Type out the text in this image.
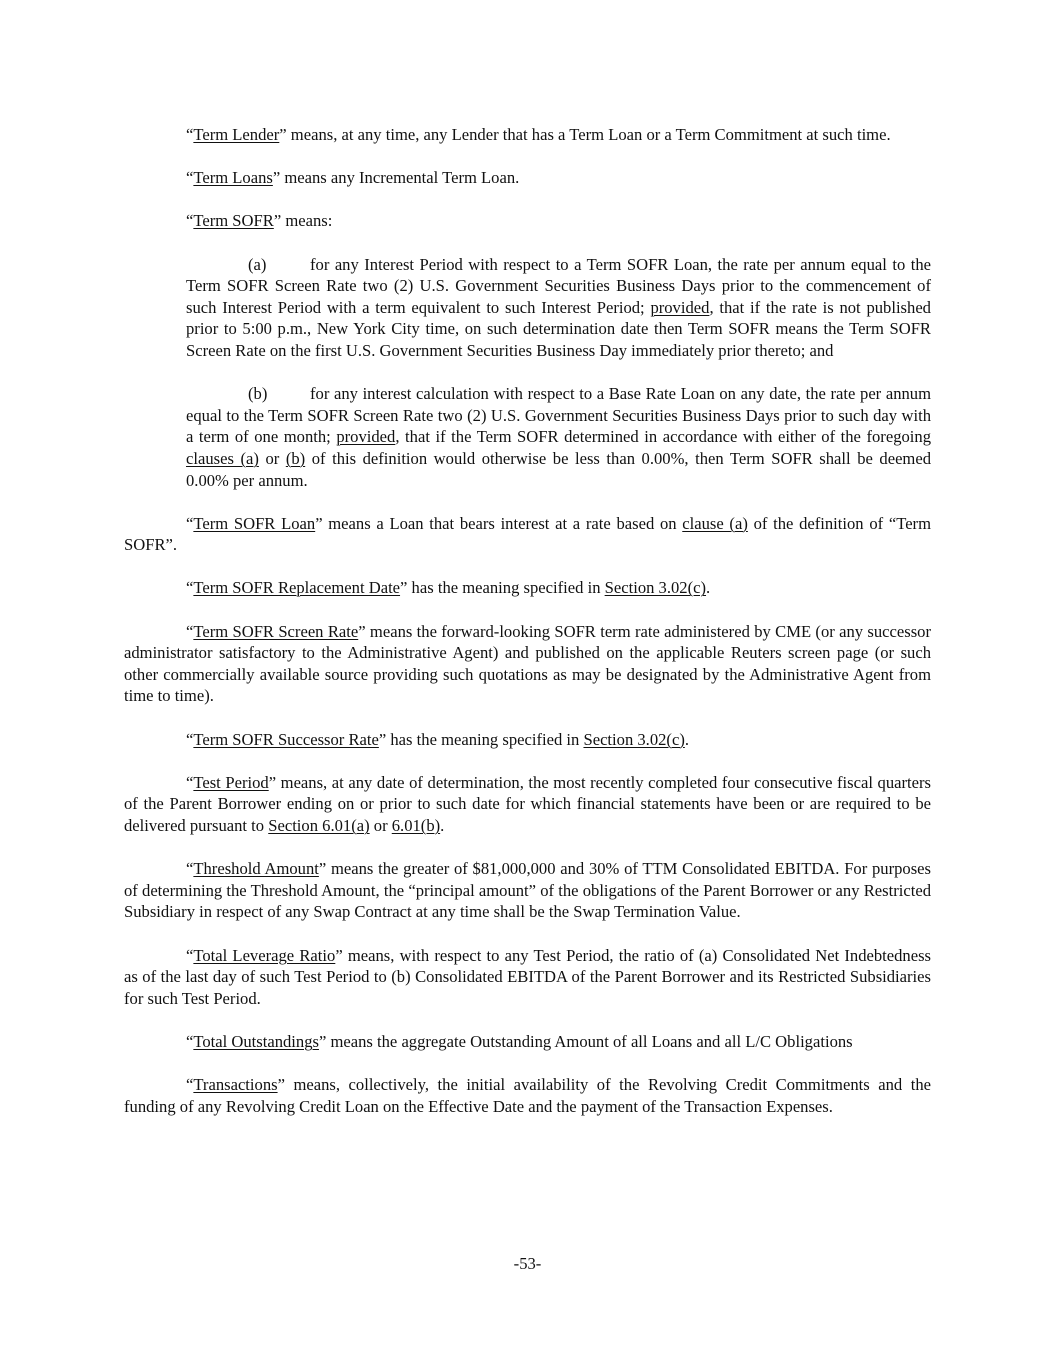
“Term Lender” means, at any time, any Lender that has a Term Loan or a Term Commitment at such time.

“Term Loans” means any Incremental Term Loan.

“Term SOFR” means:

(a)	for any Interest Period with respect to a Term SOFR Loan, the rate per annum equal to the Term SOFR Screen Rate two (2) U.S. Government Securities Business Days prior to the commencement of such Interest Period with a term equivalent to such Interest Period; provided, that if the rate is not published prior to 5:00 p.m., New York City time, on such determination date then Term SOFR means the Term SOFR Screen Rate on the first U.S. Government Securities Business Day immediately prior thereto; and

(b)	for any interest calculation with respect to a Base Rate Loan on any date, the rate per annum equal to the Term SOFR Screen Rate two (2) U.S. Government Securities Business Days prior to such day with a term of one month; provided, that if the Term SOFR determined in accordance with either of the foregoing clauses (a) or (b) of this definition would otherwise be less than 0.00%, then Term SOFR shall be deemed 0.00% per annum.

“Term SOFR Loan” means a Loan that bears interest at a rate based on clause (a) of the definition of “Term SOFR”.

“Term SOFR Replacement Date” has the meaning specified in Section 3.02(c).

“Term SOFR Screen Rate” means the forward-looking SOFR term rate administered by CME (or any successor administrator satisfactory to the Administrative Agent) and published on the applicable Reuters screen page (or such other commercially available source providing such quotations as may be designated by the Administrative Agent from time to time).

“Term SOFR Successor Rate” has the meaning specified in Section 3.02(c).

“Test Period” means, at any date of determination, the most recently completed four consecutive fiscal quarters of the Parent Borrower ending on or prior to such date for which financial statements have been or are required to be delivered pursuant to Section 6.01(a) or 6.01(b).

“Threshold Amount” means the greater of $81,000,000 and 30% of TTM Consolidated EBITDA. For purposes of determining the Threshold Amount, the “principal amount” of the obligations of the Parent Borrower or any Restricted Subsidiary in respect of any Swap Contract at any time shall be the Swap Termination Value.

“Total Leverage Ratio” means, with respect to any Test Period, the ratio of (a) Consolidated Net Indebtedness as of the last day of such Test Period to (b) Consolidated EBITDA of the Parent Borrower and its Restricted Subsidiaries for such Test Period.

“Total Outstandings” means the aggregate Outstanding Amount of all Loans and all L/C Obligations

“Transactions” means, collectively, the initial availability of the Revolving Credit Commitments and the funding of any Revolving Credit Loan on the Effective Date and the payment of the Transaction Expenses.

-53-
